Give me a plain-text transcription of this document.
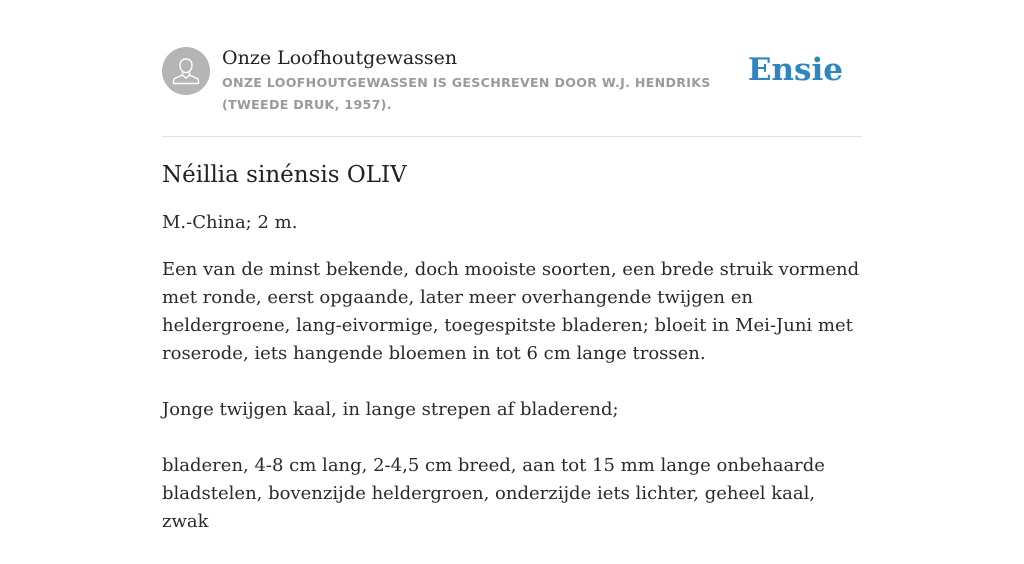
Onze Loofhoutgewassen
ONZE LOOFHOUTGEWASSEN IS GESCHREVEN DOOR W.J. HENDRIKS (TWEEDE DRUK, 1957).
Ensie
Néillia sinénsis OLIV

M.-China; 2 m.

Een van de minst bekende, doch mooiste soorten, een brede struik vormend met ronde, eerst opgaande, later meer overhangende twijgen en heldergroene, lang-eivormige, toegespitste bladeren; bloeit in Mei-Juni met roserode, iets hangende bloemen in tot 6 cm lange trossen.

Jonge twijgen kaal, in lange strepen af bladerend;

bladeren, 4-8 cm lang, 2-4,5 cm breed, aan tot 15 mm lange onbehaarde bladstelen, bovenzijde heldergroen, onderzijde iets lichter, geheel kaal, zwak
